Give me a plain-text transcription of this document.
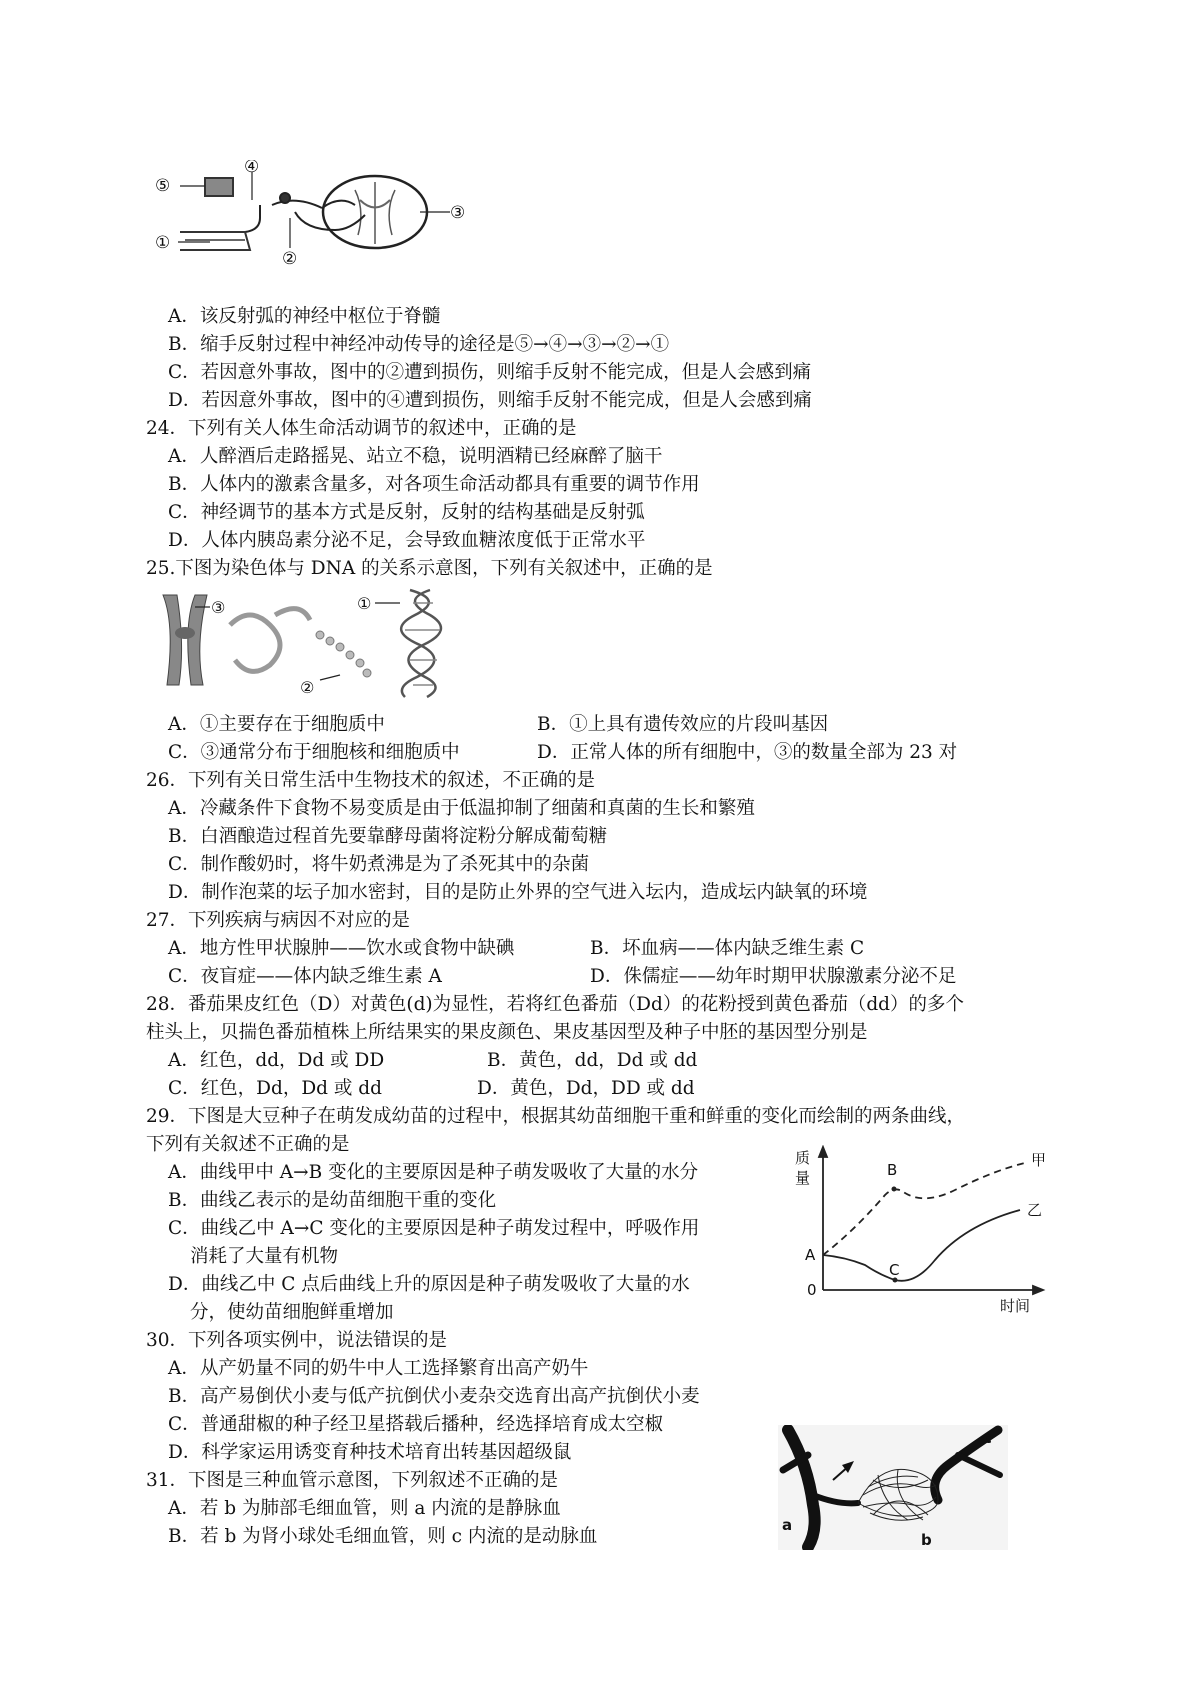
④
⑤
③
①
②
A．该反射弧的神经中枢位于脊髓
B．缩手反射过程中神经冲动传导的途径是⑤→④→③→②→①
C．若因意外事故，图中的②遭到损伤，则缩手反射不能完成，但是人会感到痛
D．若因意外事故，图中的④遭到损伤，则缩手反射不能完成，但是人会感到痛
24．下列有关人体生命活动调节的叙述中，正确的是
A．人醉酒后走路摇晃、站立不稳，说明酒精已经麻醉了脑干
B．人体内的激素含量多，对各项生命活动都具有重要的调节作用
C．神经调节的基本方式是反射，反射的结构基础是反射弧
D．人体内胰岛素分泌不足，会导致血糖浓度低于正常水平
25.下图为染色体与 DNA 的关系示意图，下列有关叙述中，正确的是
③	①
②
A．①主要存在于细胞质中	B．①上具有遗传效应的片段叫基因
C．③通常分布于细胞核和细胞质中	D．正常人体的所有细胞中，③的数量全部为 23 对
26．下列有关日常生活中生物技术的叙述，不正确的是
A．冷藏条件下食物不易变质是由于低温抑制了细菌和真菌的生长和繁殖
B．白酒酿造过程首先要靠酵母菌将淀粉分解成葡萄糖
C．制作酸奶时，将牛奶煮沸是为了杀死其中的杂菌
D．制作泡菜的坛子加水密封，目的是防止外界的空气进入坛内，造成坛内缺氧的环境
27．下列疾病与病因不对应的是
A．地方性甲状腺肿——饮水或食物中缺碘	B．坏血病——体内缺乏维生素 C
C．夜盲症——体内缺乏维生素 A	D．侏儒症——幼年时期甲状腺激素分泌不足
28．番茄果皮红色（D）对黄色(d)为显性，若将红色番茄（Dd）的花粉授到黄色番茄（dd）的多个
柱头上，贝揣色番茄植株上所结果实的果皮颜色、果皮基因型及种子中胚的基因型分别是
A．红色，dd，Dd 或 DD	B．黄色，dd，Dd 或 dd
C．红色，Dd，Dd 或 dd	D．黄色，Dd，DD 或 dd
29．下图是大豆种子在萌发成幼苗的过程中，根据其幼苗细胞干重和鲜重的变化而绘制的两条曲线，
下列有关叙述不正确的是
A．曲线甲中 A→B 变化的主要原因是种子萌发吸收了大量的水分
B．曲线乙表示的是幼苗细胞干重的变化
C．曲线乙中 A→C 变化的主要原因是种子萌发过程中，呼吸作用
消耗了大量有机物
D．曲线乙中 C 点后曲线上升的原因是种子萌发吸收了大量的水
分，使幼苗细胞鲜重增加
质
量
A
B
C
甲
乙
0
时间
30．下列各项实例中，说法错误的是
A．从产奶量不同的奶牛中人工选择繁育出高产奶牛
B．高产易倒伏小麦与低产抗倒伏小麦杂交选育出高产抗倒伏小麦
C．普通甜椒的种子经卫星搭载后播种，经选择培育成太空椒
D．科学家运用诱变育种技术培育出转基因超级鼠
31．下图是三种血管示意图，下列叙述不正确的是
A．若 b 为肺部毛细血管，则 a 内流的是静脉血
B．若 b 为肾小球处毛细血管，则 c 内流的是动脉血
a
b
c
